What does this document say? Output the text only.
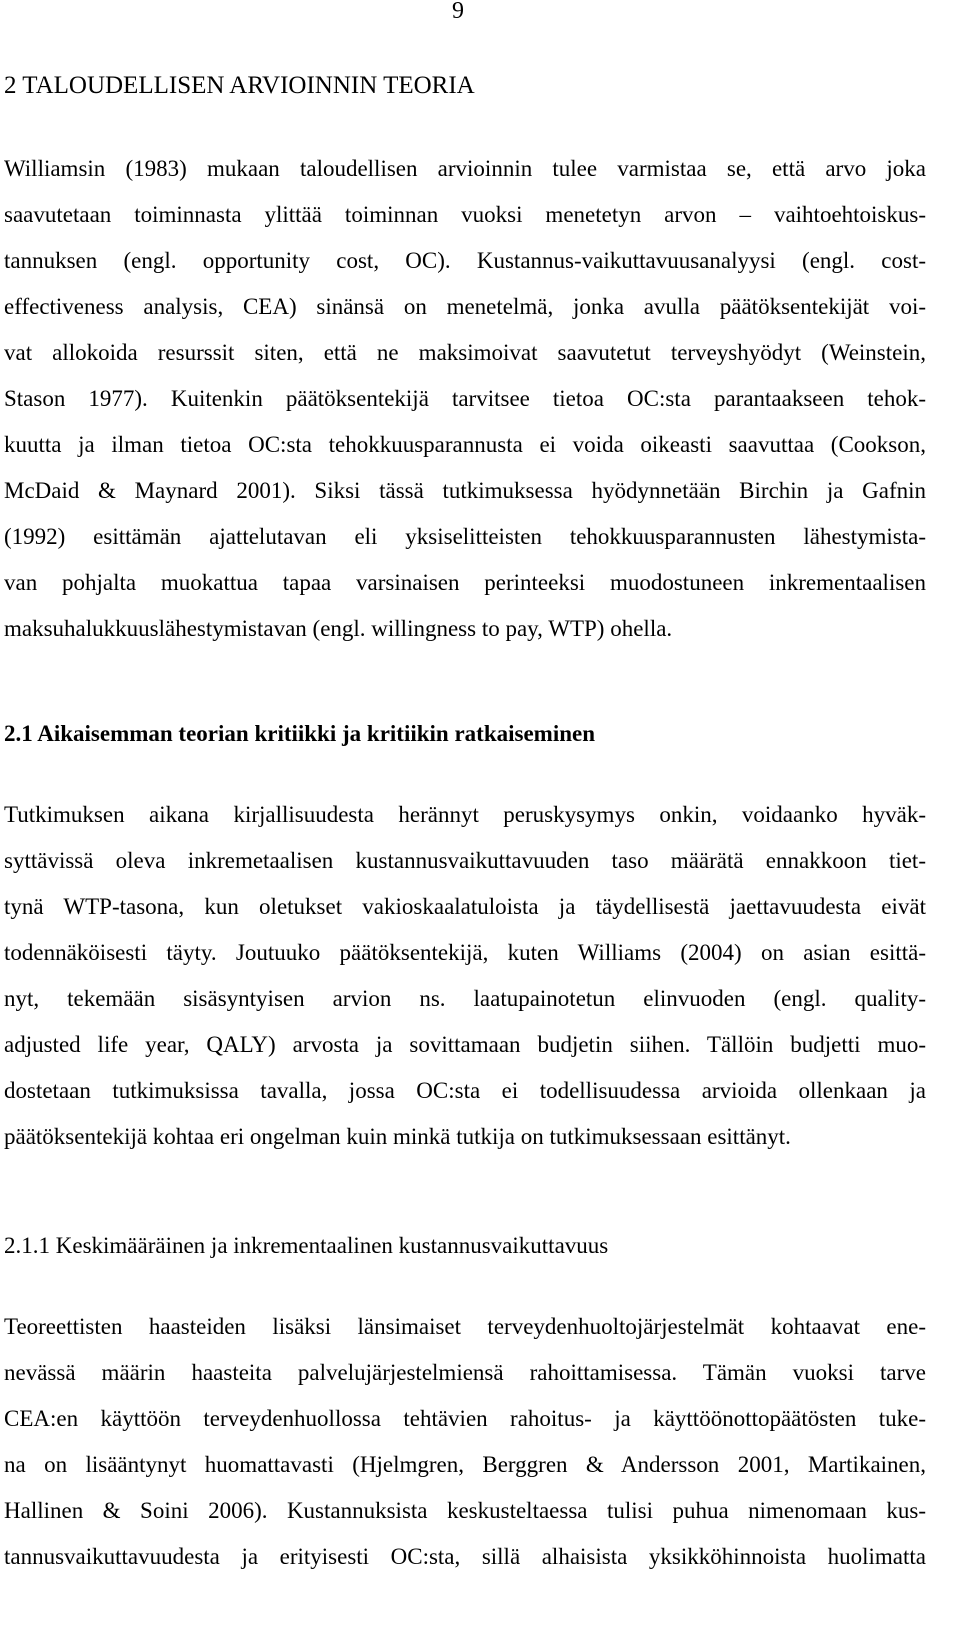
9
2 TALOUDELLISEN ARVIOINNIN TEORIA
Williamsin (1983) mukaan taloudellisen arvioinnin tulee varmistaa se, että arvo joka
saavutetaan toiminnasta ylittää toiminnan vuoksi menetetyn arvon – vaihtoehtoiskus-
tannuksen (engl. opportunity cost, OC). Kustannus-vaikuttavuusanalyysi (engl. cost-
effectiveness analysis, CEA) sinänsä on menetelmä, jonka avulla päätöksentekijät voi-
vat allokoida resurssit siten, että ne maksimoivat saavutetut terveyshyödyt (Weinstein,
Stason 1977). Kuitenkin päätöksentekijä tarvitsee tietoa OC:sta parantaakseen tehok-
kuutta ja ilman tietoa OC:sta tehokkuusparannusta ei voida oikeasti saavuttaa (Cookson,
McDaid & Maynard 2001). Siksi tässä tutkimuksessa hyödynnetään Birchin ja Gafnin
(1992) esittämän ajattelutavan eli yksiselitteisten tehokkuusparannusten lähestymista-
van pohjalta muokattua tapaa varsinaisen perinteeksi muodostuneen inkrementaalisen
maksuhalukkuuslähestymistavan (engl. willingness to pay, WTP) ohella.
2.1 Aikaisemman teorian kritiikki ja kritiikin ratkaiseminen
Tutkimuksen aikana kirjallisuudesta herännyt peruskysymys onkin, voidaanko hyväk-
syttävissä oleva inkremetaalisen kustannusvaikuttavuuden taso määrätä ennakkoon tiet-
tynä WTP-tasona, kun oletukset vakioskaalatuloista ja täydellisestä jaettavuudesta eivät
todennäköisesti täyty. Joutuuko päätöksentekijä, kuten Williams (2004) on asian esittä-
nyt, tekemään sisäsyntyisen arvion ns. laatupainotetun elinvuoden (engl. quality-
adjusted life year, QALY) arvosta ja sovittamaan budjetin siihen. Tällöin budjetti muo-
dostetaan tutkimuksissa tavalla, jossa OC:sta ei todellisuudessa arvioida ollenkaan ja
päätöksentekijä kohtaa eri ongelman kuin minkä tutkija on tutkimuksessaan esittänyt.
2.1.1 Keskimääräinen ja inkrementaalinen kustannusvaikuttavuus
Teoreettisten haasteiden lisäksi länsimaiset terveydenhuoltojärjestelmät kohtaavat ene-
nevässä määrin haasteita palvelujärjestelmiensä rahoittamisessa. Tämän vuoksi tarve
CEA:en käyttöön terveydenhuollossa tehtävien rahoitus- ja käyttöönottopäätösten tuke-
na on lisääntynyt huomattavasti (Hjelmgren, Berggren & Andersson 2001, Martikainen,
Hallinen & Soini 2006). Kustannuksista keskusteltaessa tulisi puhua nimenomaan kus-
tannusvaikuttavuudesta ja erityisesti OC:sta, sillä alhaisista yksikköhinnoista huolimatta
